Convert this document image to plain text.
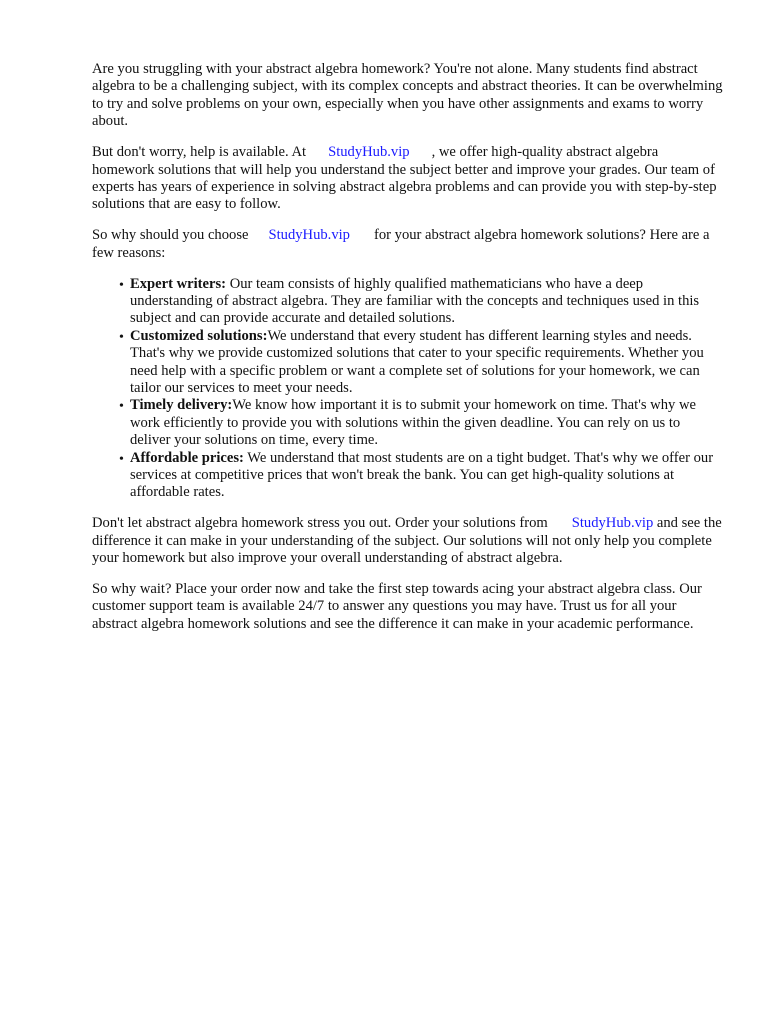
Are you struggling with your abstract algebra homework? You're not alone. Many students find abstract algebra to be a challenging subject, with its complex concepts and abstract theories. It can be overwhelming to try and solve problems on your own, especially when you have other assignments and exams to worry about.

But don't worry, help is available. At StudyHub.vip , we offer high-quality abstract algebra homework solutions that will help you understand the subject better and improve your grades. Our team of experts has years of experience in solving abstract algebra problems and can provide you with step-by-step solutions that are easy to follow.

So why should you choose StudyHub.vip for your abstract algebra homework solutions? Here are a few reasons:

• Expert writers: Our team consists of highly qualified mathematicians who have a deep understanding of abstract algebra. They are familiar with the concepts and techniques used in this subject and can provide accurate and detailed solutions.
• Customized solutions:We understand that every student has different learning styles and needs. That's why we provide customized solutions that cater to your specific requirements. Whether you need help with a specific problem or want a complete set of solutions for your homework, we can tailor our services to meet your needs.
• Timely delivery:We know how important it is to submit your homework on time. That's why we work efficiently to provide you with solutions within the given deadline. You can rely on us to deliver your solutions on time, every time.
• Affordable prices: We understand that most students are on a tight budget. That's why we offer our services at competitive prices that won't break the bank. You can get high-quality solutions at affordable rates.

Don't let abstract algebra homework stress you out. Order your solutions from StudyHub.vip and see the difference it can make in your understanding of the subject. Our solutions will not only help you complete your homework but also improve your overall understanding of abstract algebra.

So why wait? Place your order now and take the first step towards acing your abstract algebra class. Our customer support team is available 24/7 to answer any questions you may have. Trust us for all your abstract algebra homework solutions and see the difference it can make in your academic performance.
